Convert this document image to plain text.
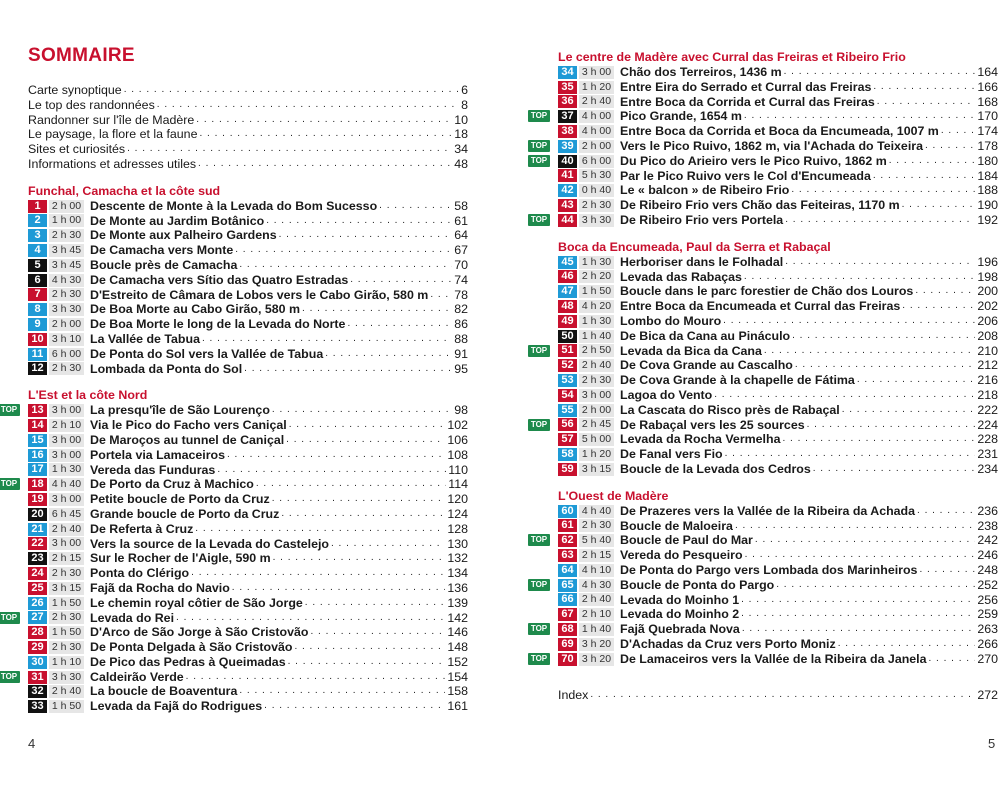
SOMMAIRE
Carte synoptique . . .	6
Le top des randonnées . . .	8
Randonner sur l'île de Madère . . .	10
Le paysage, la flore et la faune . . .	18
Sites et curiosités . . .	34
Informations et adresses utiles . . .	48
Funchal, Camacha et la côte sud
1	2 h 00 Descente de Monte à la Levada do Bom Sucesso . . .	58
2	1 h 00 De Monte au Jardim Botânico . . .	61
3	2 h 30 De Monte aux Palheiro Gardens . . .	64
4	3 h 45 De Camacha vers Monte . . .	67
5	3 h 45 Boucle près de Camacha . . .	70
6	4 h 30 De Camacha vers Sítio das Quatro Estradas . . .	74
7	2 h 30 D'Estreito de Câmara de Lobos vers le Cabo Girão, 580 m . . . 78
8	3 h 30 De Boa Morte au Cabo Girão, 580 m . . .	82
9	2 h 00 De Boa Morte le long de la Levada do Norte . . .	86
10 3 h 10 La Vallée de Tabua . . .	88
11 6 h 00 De Ponta do Sol vers la Vallée de Tabua . . .	91
12 2 h 30 Lombada da Ponta do Sol . . .	95
L'Est et la côte Nord
TOP	13 3 h 00 La presqu'île de São Lourenço . . .	98
14 2 h 10 Via le Pico do Facho vers Caniçal . . .	102
15 3 h 00 De Maroços au tunnel de Caniçal . . .	106
16 3 h 00 Portela via Lamaceiros . . .	108
17 1 h 30 Vereda das Funduras . . .	110
TOP	18 4 h 40 De Porto da Cruz à Machico . . .	114
19 3 h 00 Petite boucle de Porto da Cruz . . .	120
20 6 h 45 Grande boucle de Porto da Cruz . . .	124
21 2 h 40 De Referta à Cruz . . .	128
22 3 h 00 Vers la source de la Levada do Castelejo . . .	130
23 2 h 15 Sur le Rocher de l'Aigle, 590 m . . .	132
24 2 h 30 Ponta do Clérigo . . .	134
25 3 h 15 Fajã da Rocha do Navio . . .	136
26 1 h 50 Le chemin royal côtier de São Jorge . . .	139
TOP	27 2 h 30 Levada do Rei . . .	142
28 1 h 50 D'Arco de São Jorge à São Cristovão . . .	146
29 2 h 30 De Ponta Delgada à São Cristovão . . .	148
30 1 h 10 De Pico das Pedras à Queimadas . . .	152
TOP	31 3 h 30 Caldeirão Verde . . .	154
32 2 h 40 La boucle de Boaventura . . .	158
33 1 h 50 Levada da Fajã do Rodrigues . . .	161
Le centre de Madère avec Curral das Freiras et Ribeiro Frio
34 3 h 00 Chão dos Terreiros, 1436 m . . .	164
35 1 h 20 Entre Eira do Serrado et Curral das Freiras . . .	166
36 2 h 40 Entre Boca da Corrida et Curral das Freiras . . .	168
TOP	37 4 h 00 Pico Grande, 1654 m . . .	170
38 4 h 00 Entre Boca da Corrida et Boca da Encumeada, 1007 m . . .	174
TOP	39 2 h 00 Vers le Pico Ruivo, 1862 m, via l'Achada do Teixeira . . .	178
TOP	40 6 h 00 Du Pico do Arieiro vers le Pico Ruivo, 1862 m . . .	180
41 5 h 30 Par le Pico Ruivo vers le Col d'Encumeada . . .	184
42 0 h 40 Le « balcon » de Ribeiro Frio . . .	188
43 2 h 30 De Ribeiro Frio vers Chão das Feiteiras, 1170 m . . .	190
TOP	44 3 h 30 De Ribeiro Frio vers Portela . . .	192
Boca da Encumeada, Paul da Serra et Rabaçal
45 1 h 30 Herboriser dans le Folhadal . . .	196
46 2 h 20 Levada das Rabaças . . .	198
47 1 h 50 Boucle dans le parc forestier de Chão dos Louros . . .	200
48 4 h 20 Entre Boca da Encumeada et Curral das Freiras . . .	202
49 1 h 30 Lombo do Mouro . . .	206
50 1 h 40 De Bica da Cana au Pináculo . . .	208
TOP	51 2 h 50 Levada da Bica da Cana . . .	210
52 2 h 40 De Cova Grande au Cascalho . . .	212
53 2 h 30 De Cova Grande à la chapelle de Fátima . . .	216
54 3 h 00 Lagoa do Vento . . .	218
55 2 h 00 La Cascata do Risco près de Rabaçal . . .	222
TOP	56 2 h 45 De Rabaçal vers les 25 sources . . .	224
57 5 h 00 Levada da Rocha Vermelha . . .	228
58 1 h 20 De Fanal vers Fio . . .	231
59 3 h 15 Boucle de la Levada dos Cedros . . .	234
L'Ouest de Madère
60 4 h 40 De Prazeres vers la Vallée de la Ribeira da Achada . . .	236
61 2 h 30 Boucle de Maloeira . . .	238
TOP	62 5 h 40 Boucle de Paul do Mar . . .	242
63 2 h 15 Vereda do Pesqueiro . . .	246
64 4 h 10 De Ponta do Pargo vers Lombada dos Marinheiros . . .	248
TOP	65 4 h 30 Boucle de Ponta do Pargo . . .	252
66 2 h 40 Levada do Moinho 1 . . .	256
67 2 h 10 Levada do Moinho 2 . . .	259
TOP	68 1 h 40 Fajã Quebrada Nova . . .	263
69 3 h 20 D'Achadas da Cruz vers Porto Moniz . . .	266
TOP	70 3 h 20 De Lamaceiros vers la Vallée de la Ribeira da Janela . . .	270
Index . . .	272
4	5
